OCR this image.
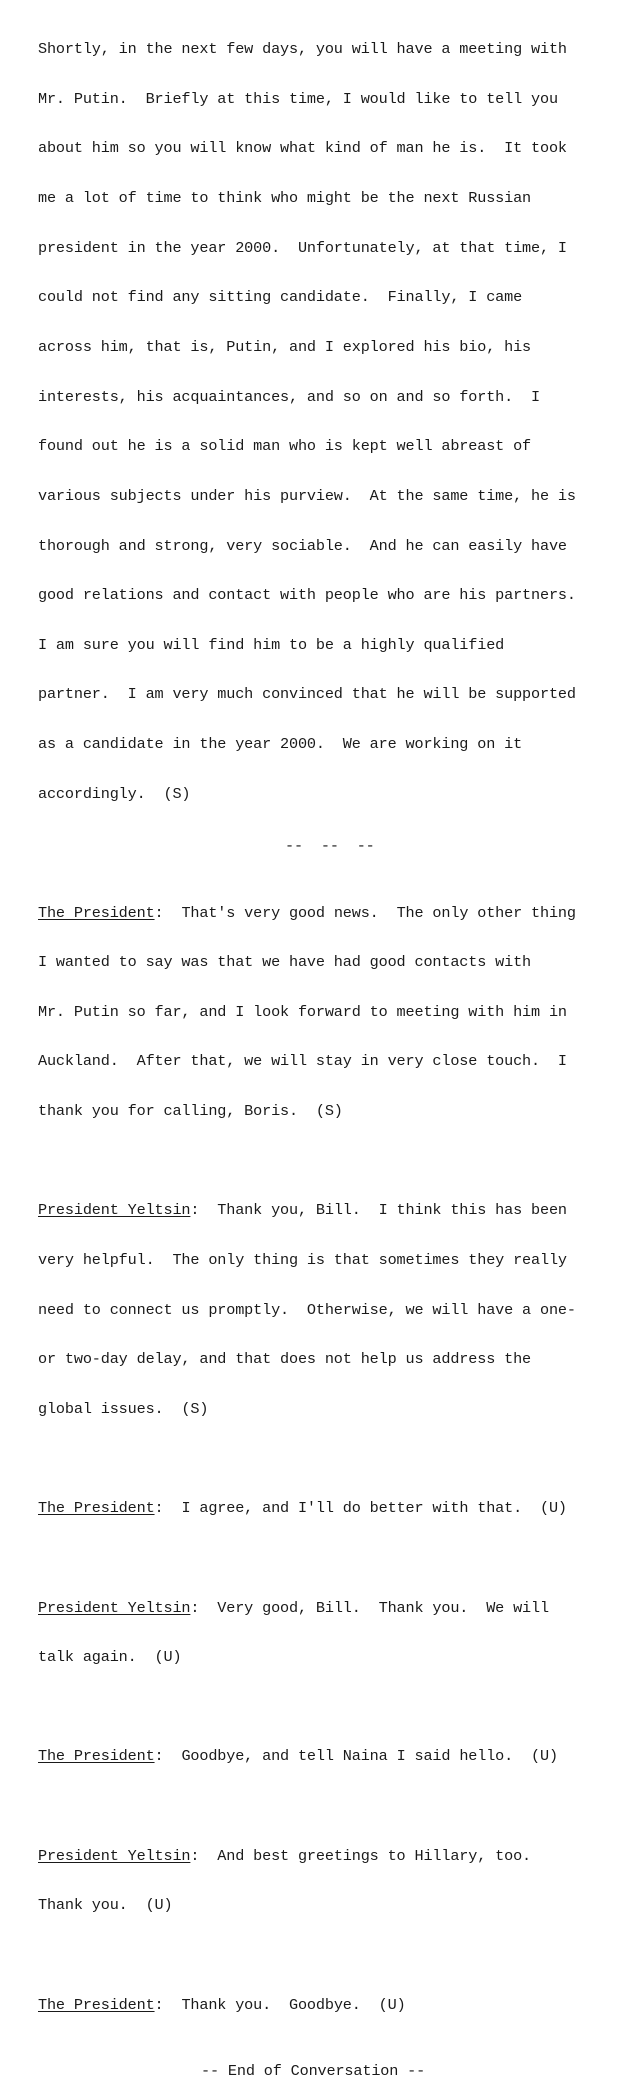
Shortly, in the next few days, you will have a meeting with

Mr. Putin.  Briefly at this time, I would like to tell you

about him so you will know what kind of man he is.  It took

me a lot of time to think who might be the next Russian

president in the year 2000.  Unfortunately, at that time, I

could not find any sitting candidate.  Finally, I came

across him, that is, Putin, and I explored his bio, his

interests, his acquaintances, and so on and so forth.  I

found out he is a solid man who is kept well abreast of

various subjects under his purview.  At the same time, he is

thorough and strong, very sociable.  And he can easily have

good relations and contact with people who are his partners.

I am sure you will find him to be a highly qualified

partner.  I am very much convinced that he will be supported

as a candidate in the year 2000.  We are working on it

accordingly.  (S)

--  --  --

The President:  That's very good news.  The only other thing

I wanted to say was that we have had good contacts with

Mr. Putin so far, and I look forward to meeting with him in

Auckland.  After that, we will stay in very close touch.  I

thank you for calling, Boris.  (S)

President Yeltsin:  Thank you, Bill.  I think this has been

very helpful.  The only thing is that sometimes they really

need to connect us promptly.  Otherwise, we will have a one-

or two-day delay, and that does not help us address the

global issues.  (S)

The President:  I agree, and I'll do better with that.  (U)

President Yeltsin:  Very good, Bill.  Thank you.  We will

talk again.  (U)

The President:  Goodbye, and tell Naina I said hello.  (U)

President Yeltsin:  And best greetings to Hillary, too.

Thank you.  (U)

The President:  Thank you.  Goodbye.  (U)

-- End of Conversation --
